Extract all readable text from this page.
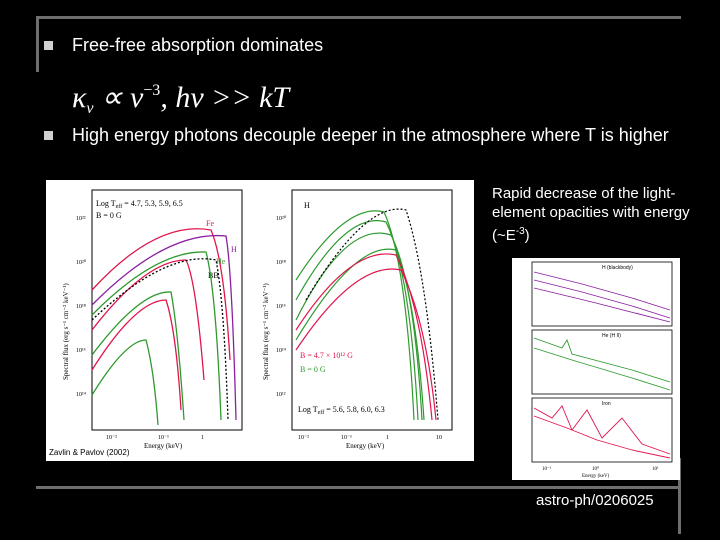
Free-free absorption dominates
$\kappa_\nu \propto \nu^{-3}$, hν >> kT
High energy photons decouple deeper in the atmosphere where T is higher
Rapid decrease of the light-element opacities with energy $(\sim E^{-3})$
Log $T_{eff} = 4.7$, 5.3, 5.9, 6.5
B = 0 G
Fe
H
He
BB
10²²
10²⁰
10¹⁸
10¹⁶
10¹⁴
10⁻²	10⁻¹	1
Energy (keV)
Spectral flux (erg s⁻¹ cm⁻² keV⁻¹)
H
B = 4.7 × 10¹² G
B = 0 G
Log $T_{eff} = 5.6$, 5.8, 6.0, 6.3
10²⁰
10¹⁸
10¹⁶
10¹⁴
10¹²
10⁻²	10⁻¹	1	10
Energy (keV)
Spectral flux (erg s⁻¹ cm⁻² keV⁻¹)
Zavlin & Pavlov (2002)
H (blackbody)
He (H II)
Iron
10⁻¹	10⁰	10¹
Energy (keV)
astro-ph/0206025
